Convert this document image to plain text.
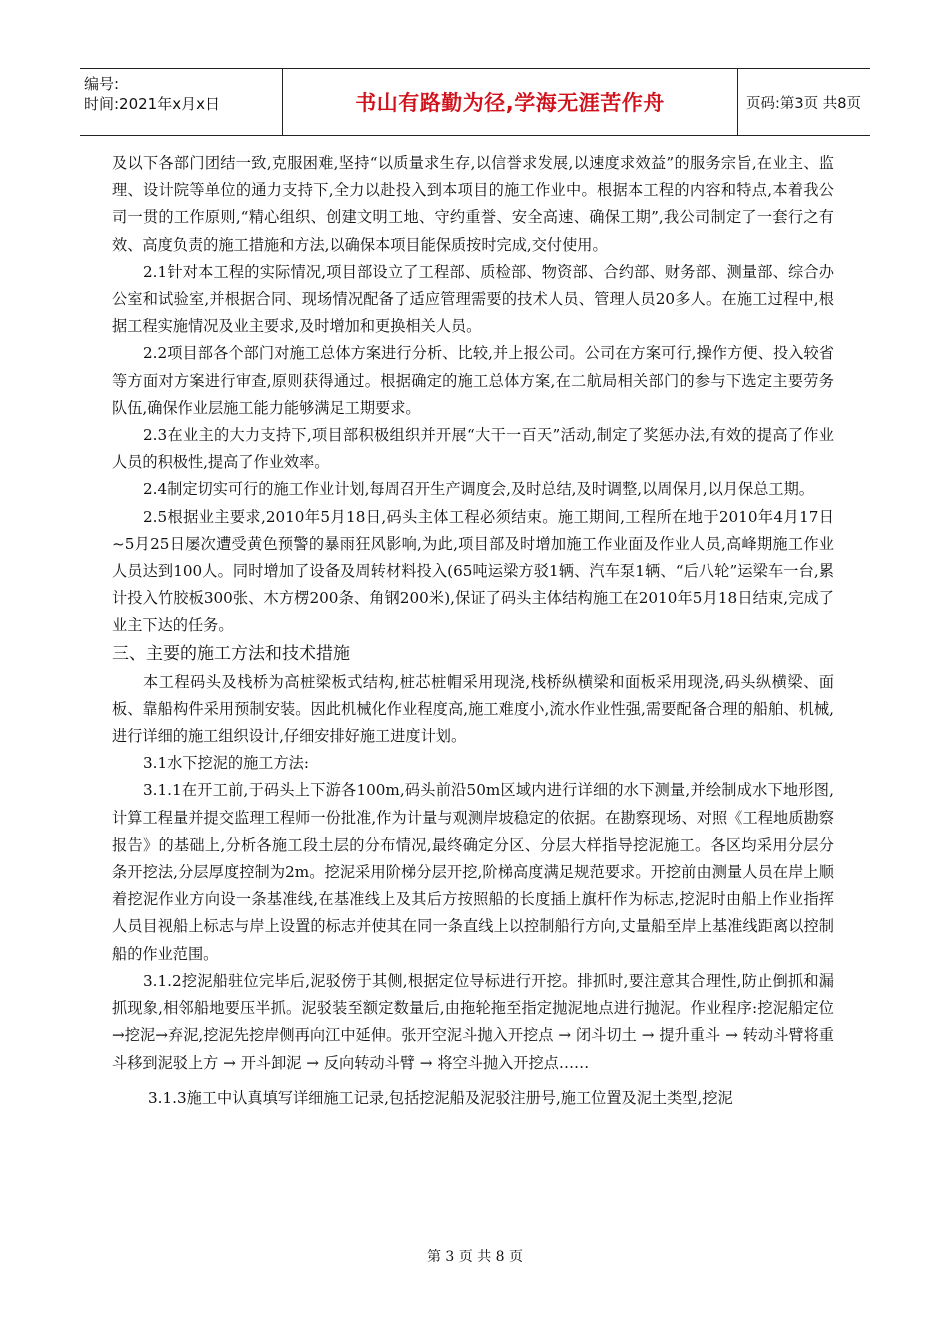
编号:
时间:2021年x月x日	书山有路勤为径,学海无涯苦作舟	页码:第3页 共8页

及以下各部门团结一致,克服困难,坚持“以质量求生存,以信誉求发展,以速度求效益”的服务宗旨,在业主、监理、设计院等单位的通力支持下,全力以赴投入到本项目的施工作业中。根据本工程的内容和特点,本着我公司一贯的工作原则,“精心组织、创建文明工地、守约重誉、安全高速、确保工期”,我公司制定了一套行之有效、高度负责的施工措施和方法,以确保本项目能保质按时完成,交付使用。

2.1针对本工程的实际情况,项目部设立了工程部、质检部、物资部、合约部、财务部、测量部、综合办公室和试验室,并根据合同、现场情况配备了适应管理需要的技术人员、管理人员20多人。在施工过程中,根据工程实施情况及业主要求,及时增加和更换相关人员。

2.2项目部各个部门对施工总体方案进行分析、比较,并上报公司。公司在方案可行,操作方便、投入较省等方面对方案进行审查,原则获得通过。根据确定的施工总体方案,在二航局相关部门的参与下选定主要劳务队伍,确保作业层施工能力能够满足工期要求。

2.3在业主的大力支持下,项目部积极组织并开展“大干一百天”活动,制定了奖惩办法,有效的提高了作业人员的积极性,提高了作业效率。

2.4制定切实可行的施工作业计划,每周召开生产调度会,及时总结,及时调整,以周保月,以月保总工期。

2.5根据业主要求,2010年5月18日,码头主体工程必须结束。施工期间,工程所在地于2010年4月17日~5月25日屡次遭受黄色预警的暴雨狂风影响,为此,项目部及时增加施工作业面及作业人员,高峰期施工作业人员达到100人。同时增加了设备及周转材料投入(65吨运梁方驳1辆、汽车泵1辆、“后八轮”运梁车一台,累计投入竹胶板300张、木方楞200条、角钢200米),保证了码头主体结构施工在2010年5月18日结束,完成了业主下达的任务。

三、主要的施工方法和技术措施

本工程码头及栈桥为高桩梁板式结构,桩芯桩帽采用现浇,栈桥纵横梁和面板采用现浇,码头纵横梁、面板、靠船构件采用预制安装。因此机械化作业程度高,施工难度小,流水作业性强,需要配备合理的船舶、机械,进行详细的施工组织设计,仔细安排好施工进度计划。

3.1水下挖泥的施工方法:

3.1.1在开工前,于码头上下游各100m,码头前沿50m区域内进行详细的水下测量,并绘制成水下地形图,计算工程量并提交监理工程师一份批准,作为计量与观测岸坡稳定的依据。在勘察现场、对照《工程地质勘察报告》的基础上,分析各施工段土层的分布情况,最终确定分区、分层大样指导挖泥施工。各区均采用分层分条开挖法,分层厚度控制为2m。挖泥采用阶梯分层开挖,阶梯高度满足规范要求。开挖前由测量人员在岸上顺着挖泥作业方向设一条基准线,在基准线上及其后方按照船的长度插上旗杆作为标志,挖泥时由船上作业指挥人员目视船上标志与岸上设置的标志并使其在同一条直线上以控制船行方向,丈量船至岸上基准线距离以控制船的作业范围。

3.1.2挖泥船驻位完毕后,泥驳傍于其侧,根据定位导标进行开挖。排抓时,要注意其合理性,防止倒抓和漏抓现象,相邻船地要压半抓。泥驳装至额定数量后,由拖轮拖至指定抛泥地点进行抛泥。作业程序:挖泥船定位→挖泥→弃泥,挖泥先挖岸侧再向江中延伸。张开空泥斗抛入开挖点 → 闭斗切土 → 提升重斗 → 转动斗臂将重斗移到泥驳上方 → 开斗卸泥 → 反向转动斗臂 → 将空斗抛入开挖点……

3.1.3施工中认真填写详细施工记录,包括挖泥船及泥驳注册号,施工位置及泥土类型,挖泥

第 3 页 共 8 页
